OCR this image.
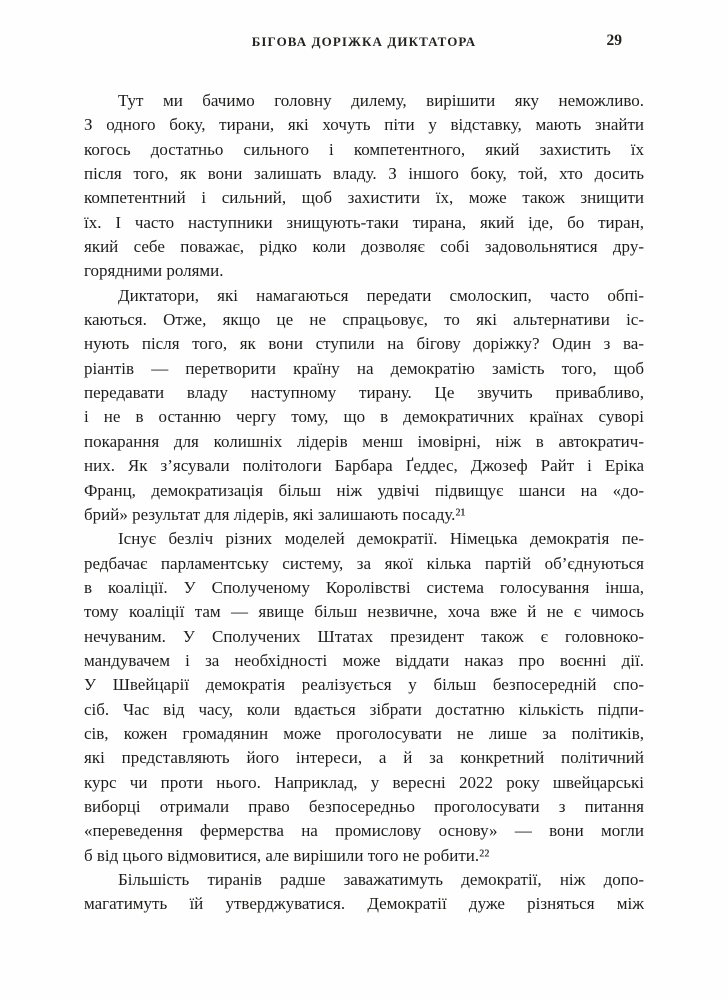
БІГОВА ДОРІЖКА ДИКТАТОРА	29
Тут ми бачимо головну дилему, вирішити яку неможливо.
З одного боку, тирани, які хочуть піти у відставку, мають знайти
когось достатньо сильного і компетентного, який захистить їх
після того, як вони залишать владу. З іншого боку, той, хто досить
компетентний і сильний, щоб захистити їх, може також знищити
їх. І часто наступники знищують-таки тирана, який іде, бо тиран,
який себе поважає, рідко коли дозволяє собі задовольнятися дру-
горядними ролями.
Диктатори, які намагаються передати смолоскип, часто обпі-
каються. Отже, якщо це не спрацьовує, то які альтернативи іс-
нують після того, як вони ступили на бігову доріжку? Один з ва-
ріантів — перетворити країну на демократію замість того, щоб
передавати владу наступному тирану. Це звучить привабливо,
і не в останню чергу тому, що в демократичних країнах суворі
покарання для колишніх лідерів менш імовірні, ніж в автократич-
них. Як з’ясували політологи Барбара Ґеддес, Джозеф Райт і Еріка
Франц, демократизація більш ніж удвічі підвищує шанси на «до-
брий» результат для лідерів, які залишають посаду.²¹
Існує безліч різних моделей демократії. Німецька демократія пе-
редбачає парламентську систему, за якої кілька партій об’єднуються
в коаліції. У Сполученому Королівстві система голосування інша,
тому коаліції там — явище більш незвичне, хоча вже й не є чимось
нечуваним. У Сполучених Штатах президент також є головноко-
мандувачем і за необхідності може віддати наказ про воєнні дії.
У Швейцарії демократія реалізується у більш безпосередній спо-
сіб. Час від часу, коли вдається зібрати достатню кількість підпи-
сів, кожен громадянин може проголосувати не лише за політиків,
які представляють його інтереси, а й за конкретний політичний
курс чи проти нього. Наприклад, у вересні 2022 року швейцарські
виборці отримали право безпосередньо проголосувати з питання
«переведення фермерства на промислову основу» — вони могли
б від цього відмовитися, але вирішили того не робити.²²
Більшість тиранів радше заважатимуть демократії, ніж допо-
магатимуть їй утверджуватися. Демократії дуже різняться між
